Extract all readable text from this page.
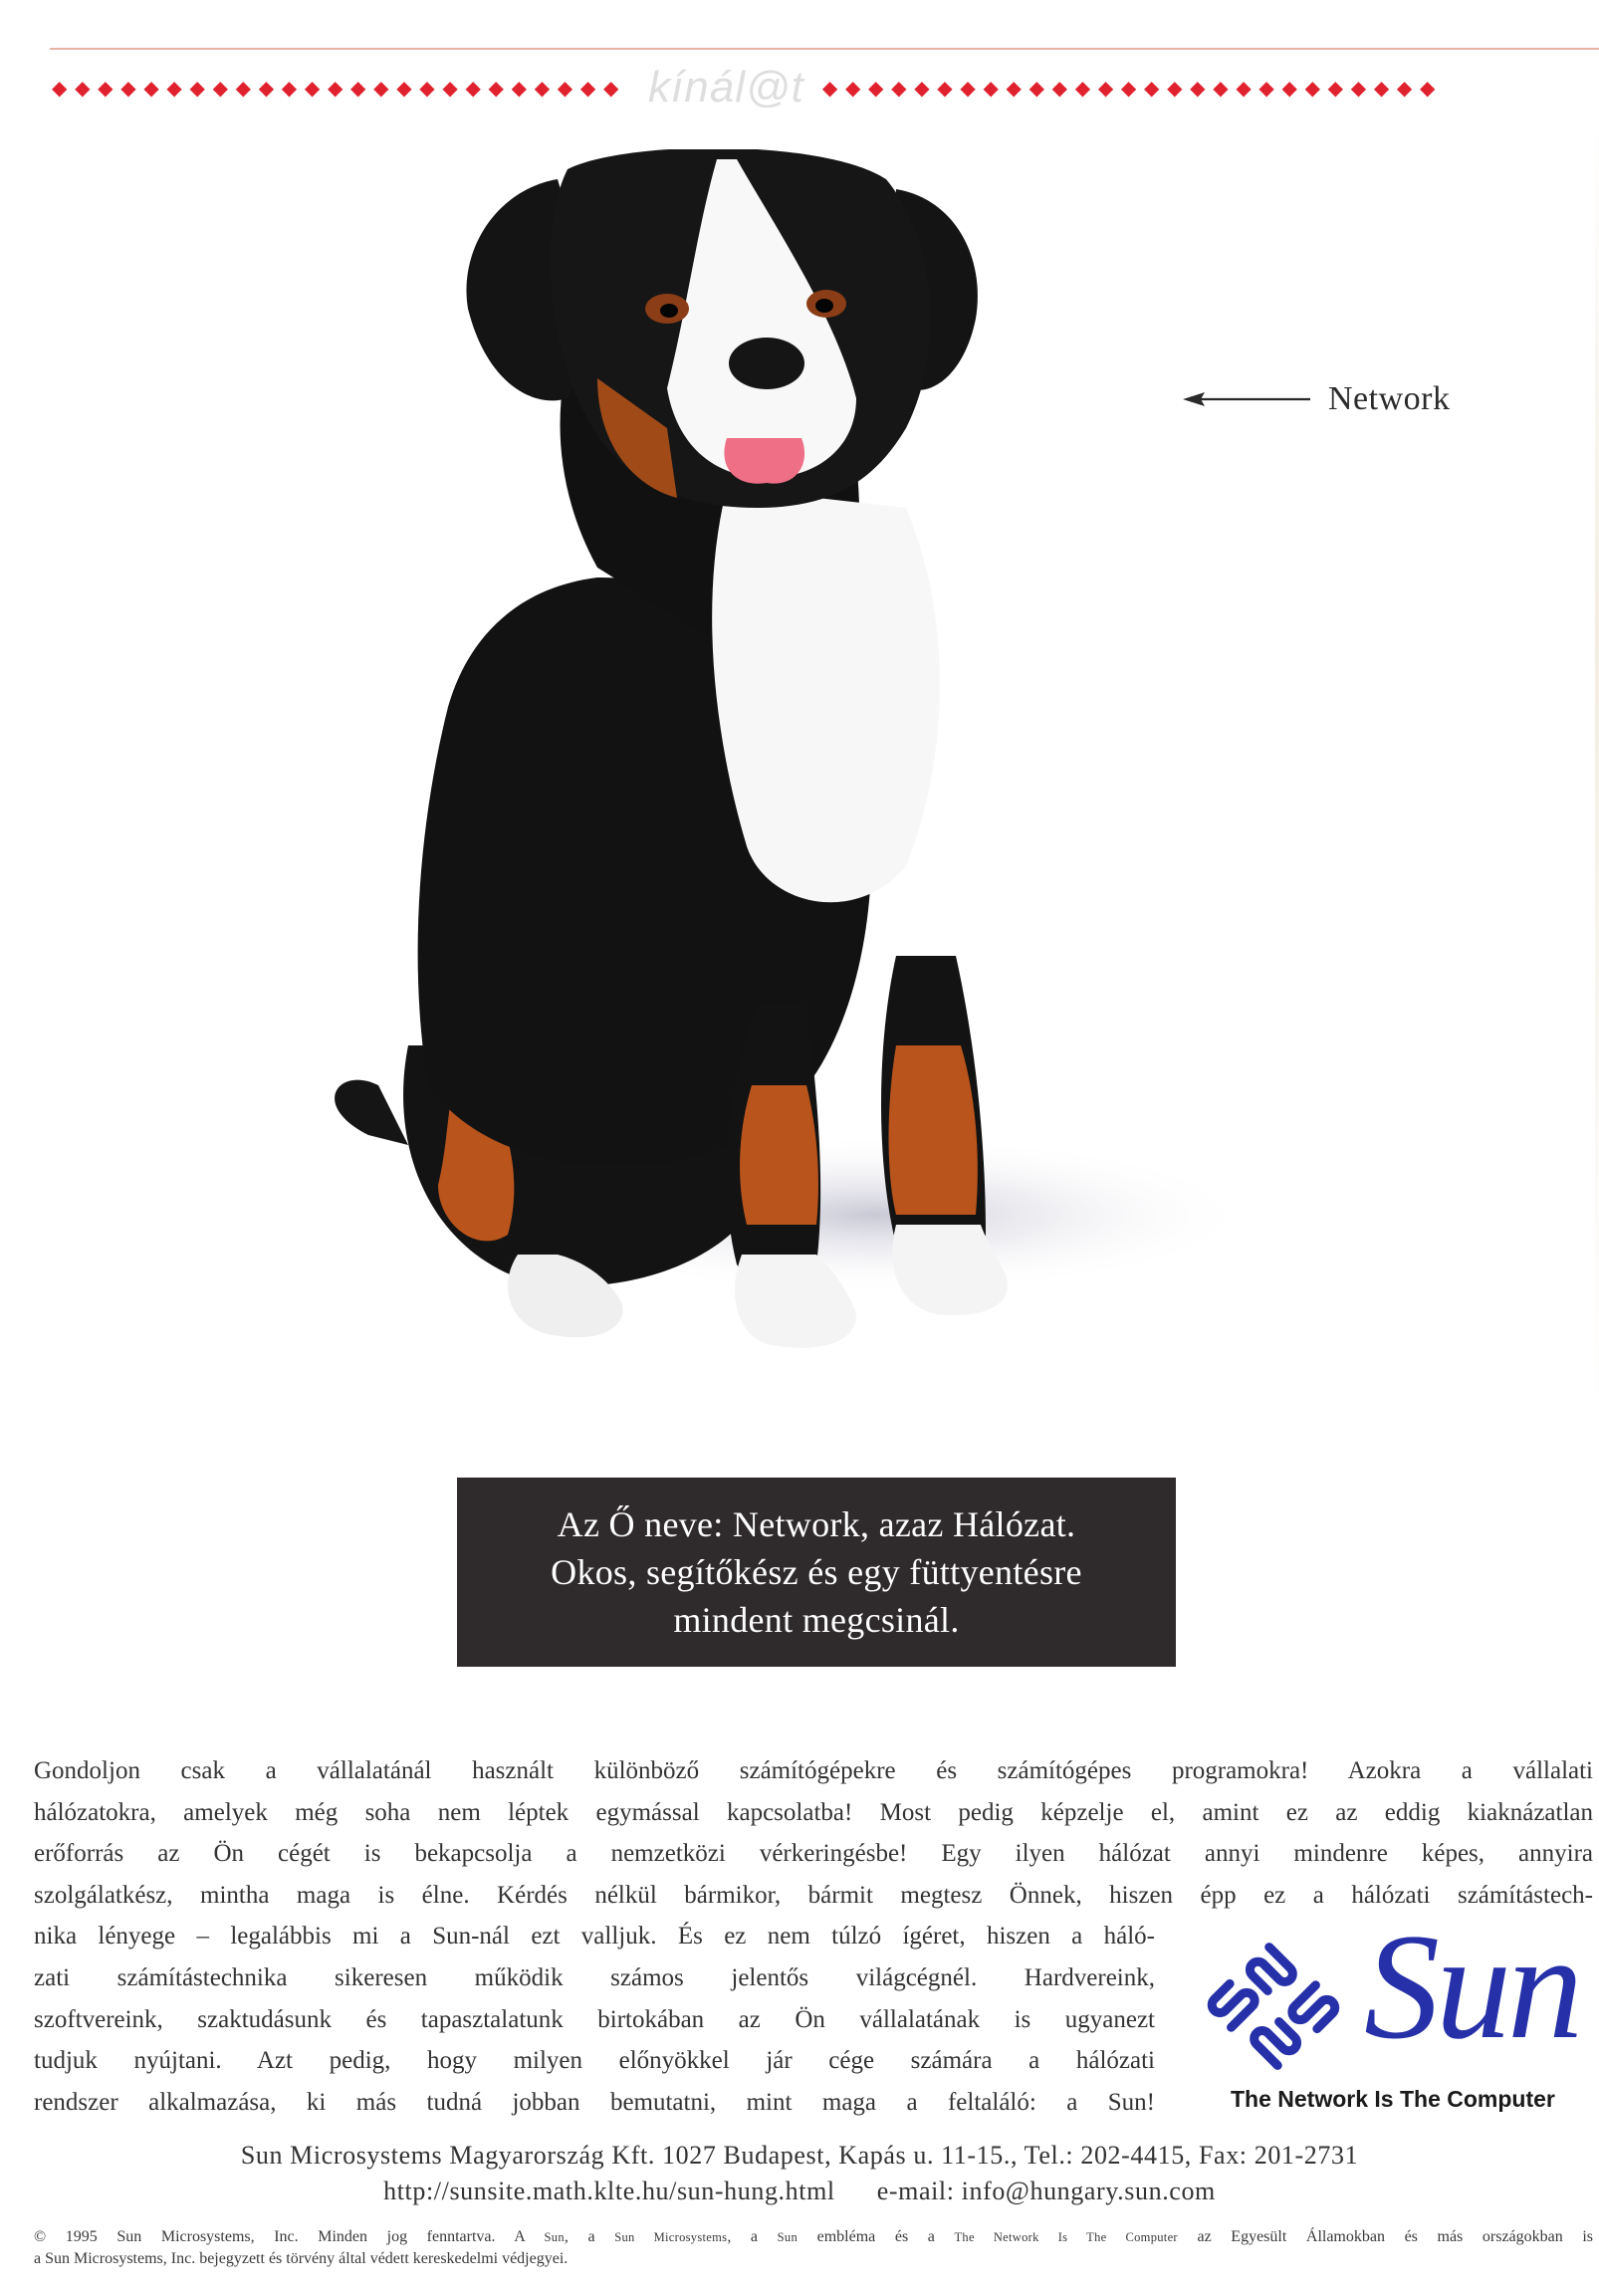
◆◆◆◆◆◆◆◆◆◆◆◆◆◆◆◆◆◆◆◆◆◆◆◆◆ kínál@t ◆◆◆◆◆◆◆◆◆◆◆◆◆◆◆◆◆◆◆◆◆◆◆◆◆◆◆
Network
Az Ő neve: Network, azaz Hálózat.
Okos, segítőkész és egy füttyentésre
mindent megcsinál.
Gondoljon csak a vállalatánál használt különböző számítógépekre és számítógépes programokra! Azokra a vállalati
hálózatokra, amelyek még soha nem léptek egymással kapcsolatba! Most pedig képzelje el, amint ez az eddig kiaknázatlan
erőforrás az Ön cégét is bekapcsolja a nemzetközi vérkeringésbe! Egy ilyen hálózat annyi mindenre képes, annyira
szolgálatkész, mintha maga is élne. Kérdés nélkül bármikor, bármit megtesz Önnek, hiszen épp ez a hálózati számítástech-
nika lényege – legalábbis mi a Sun-nál ezt valljuk. És ez nem túlzó ígéret, hiszen a háló-
zati számítástechnika sikeresen működik számos jelentős világcégnél. Hardvereink,
szoftvereink, szaktudásunk és tapasztalatunk birtokában az Ön vállalatának is ugyanezt
tudjuk nyújtani. Azt pedig, hogy milyen előnyökkel jár cége számára a hálózati
rendszer alkalmazása, ki más tudná jobban bemutatni, mint maga a feltaláló: a Sun!
Sun
The Network Is The Computer
Sun Microsystems Magyarország Kft. 1027 Budapest, Kapás u. 11-15., Tel.: 202-4415, Fax: 201-2731
http://sunsite.math.klte.hu/sun-hung.html e-mail: info@hungary.sun.com
© 1995 Sun Microsystems, Inc. Minden jog fenntartva. A Sun, a Sun Microsystems, a Sun embléma és a The Network Is The Computer az Egyesült Államokban és más országokban is
a Sun Microsystems, Inc. bejegyzett és törvény által védett kereskedelmi védjegyei.
